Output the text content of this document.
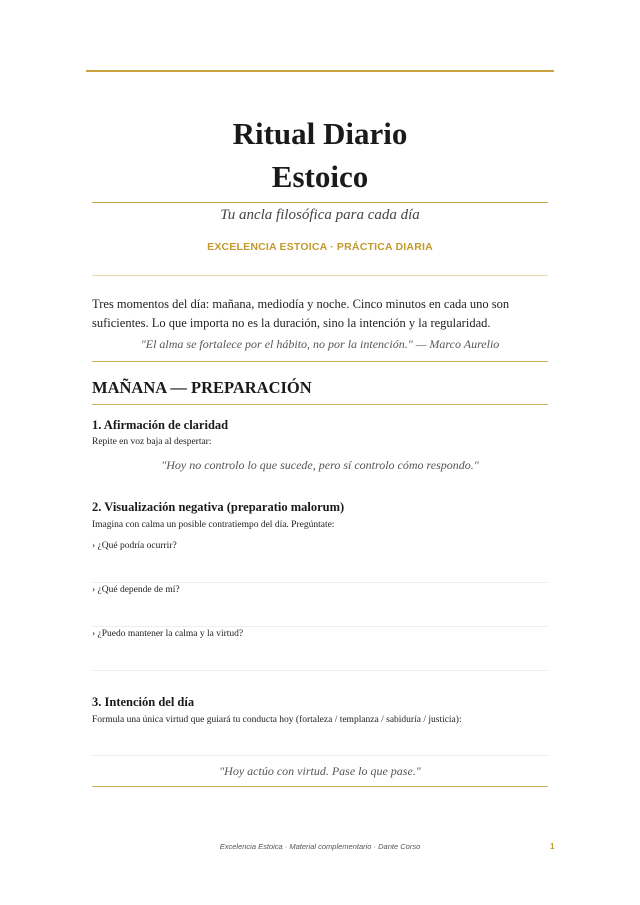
Ritual Diario
Estoico
Tu ancla filosófica para cada día
EXCELENCIA ESTOICA · PRÁCTICA DIARIA
Tres momentos del día: mañana, mediodía y noche. Cinco minutos en cada uno son suficientes. Lo que importa no es la duración, sino la intención y la regularidad.
"El alma se fortalece por el hábito, no por la intención." — Marco Aurelio
MAÑANA — PREPARACIÓN
1. Afirmación de claridad
Repite en voz baja al despertar:
"Hoy no controlo lo que sucede, pero sí controlo cómo respondo."
2. Visualización negativa (preparatio malorum)
Imagina con calma un posible contratiempo del día. Pregúntate:
› ¿Qué podría ocurrir?
› ¿Qué depende de mí?
› ¿Puedo mantener la calma y la virtud?
3. Intención del día
Formula una única virtud que guiará tu conducta hoy (fortaleza / templanza / sabiduría / justicia):
"Hoy actúo con virtud. Pase lo que pase."
Excelencia Estoica · Material complementario · Dante Corso	1
